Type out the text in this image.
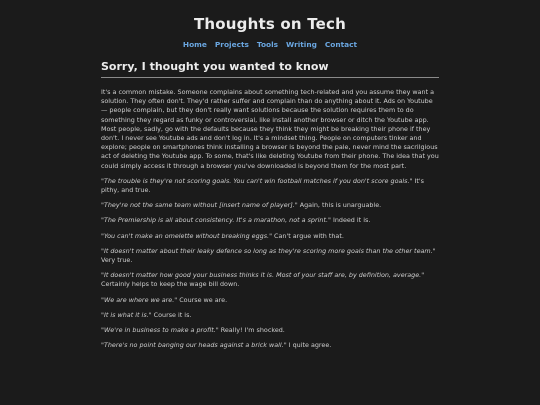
Thoughts on Tech
Home Projects Tools Writing Contact
Sorry, I thought you wanted to know

It's a common mistake. Someone complains about something tech-related and you assume they want a solution. They often don't. They'd rather suffer and complain than do anything about it. Ads on Youtube — people complain, but they don't really want solutions because the solution requires them to do something they regard as funky or controversial, like install another browser or ditch the Youtube app. Most people, sadly, go with the defaults because they think they might be breaking their phone if they don't. I never see Youtube ads and don't log in. It's a mindset thing. People on computers tinker and explore; people on smartphones think installing a browser is beyond the pale, never mind the sacrilgious act of deleting the Youtube app. To some, that's like deleting Youtube from their phone. The idea that you could simply access it through a browser you've downloaded is beyond them for the most part.

"The trouble is they're not scoring goals. You can't win football matches if you don't score goals." It's pithy, and true.

"They're not the same team without [insert name of player]." Again, this is unarguable.

"The Premiership is all about consistency. It's a marathon, not a sprint." Indeed it is.

"You can't make an omelette without breaking eggs." Can't argue with that.

"It doesn't matter about their leaky defence so long as they're scoring more goals than the other team." Very true.

"It doesn't matter how good your business thinks it is. Most of your staff are, by definition, average." Certainly helps to keep the wage bill down.

"We are where we are." Course we are.

"It is what it is." Course it is.

"We're in business to make a profit." Really! I'm shocked.

"There's no point banging our heads against a brick wall." I quite agree.
